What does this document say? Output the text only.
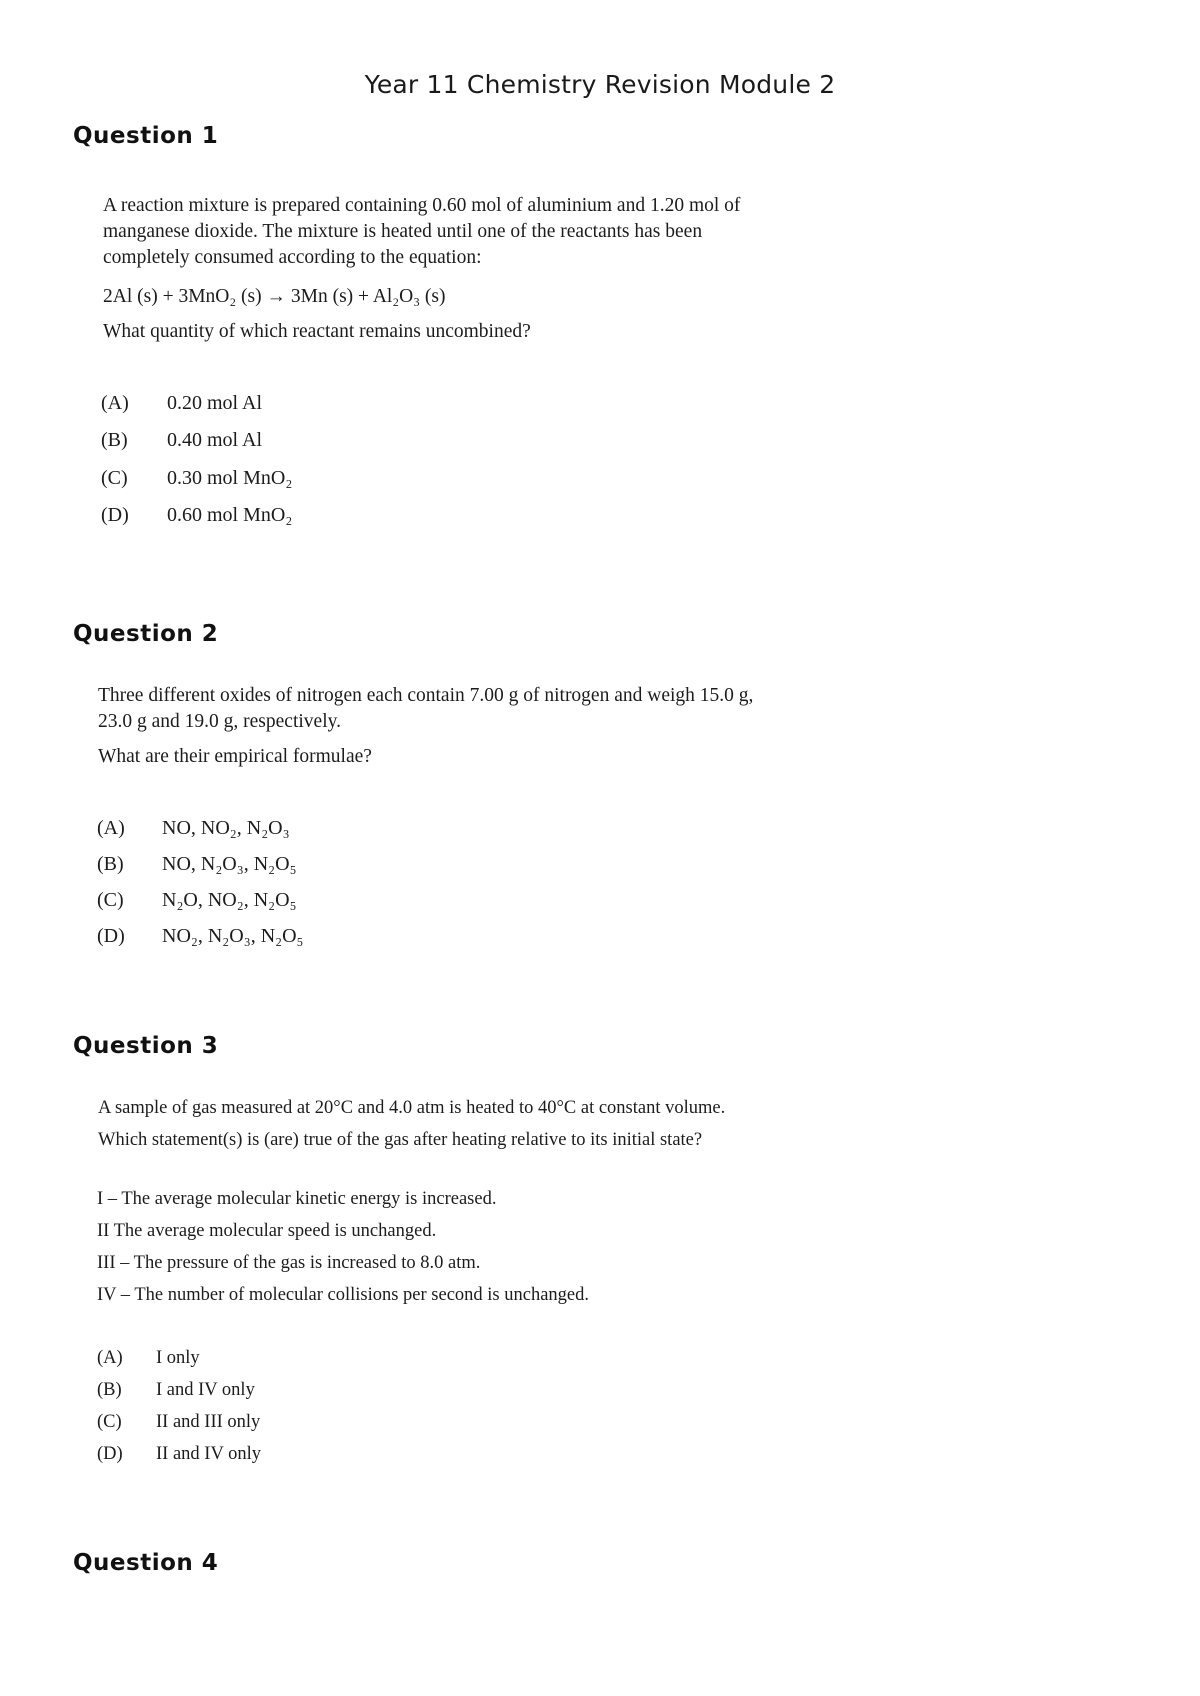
Year 11 Chemistry Revision Module 2
Question 1
A reaction mixture is prepared containing 0.60 mol of aluminium and 1.20 mol of
manganese dioxide. The mixture is heated until one of the reactants has been
completely consumed according to the equation:
2Al (s) + 3MnO₂ (s) → 3Mn (s) + Al₂O₃ (s)
What quantity of which reactant remains uncombined?
(A) 0.20 mol Al
(B) 0.40 mol Al
(C) 0.30 mol MnO₂
(D) 0.60 mol MnO₂
Question 2
Three different oxides of nitrogen each contain 7.00 g of nitrogen and weigh 15.0 g,
23.0 g and 19.0 g, respectively.
What are their empirical formulae?
(A) NO, NO₂, N₂O₃
(B) NO, N₂O₃, N₂O₅
(C) N₂O, NO₂, N₂O₅
(D) NO₂, N₂O₃, N₂O₅
Question 3
A sample of gas measured at 20°C and 4.0 atm is heated to 40°C at constant volume.
Which statement(s) is (are) true of the gas after heating relative to its initial state?
I – The average molecular kinetic energy is increased.
II The average molecular speed is unchanged.
III – The pressure of the gas is increased to 8.0 atm.
IV – The number of molecular collisions per second is unchanged.
(A) I only
(B) I and IV only
(C) II and III only
(D) II and IV only
Question 4
